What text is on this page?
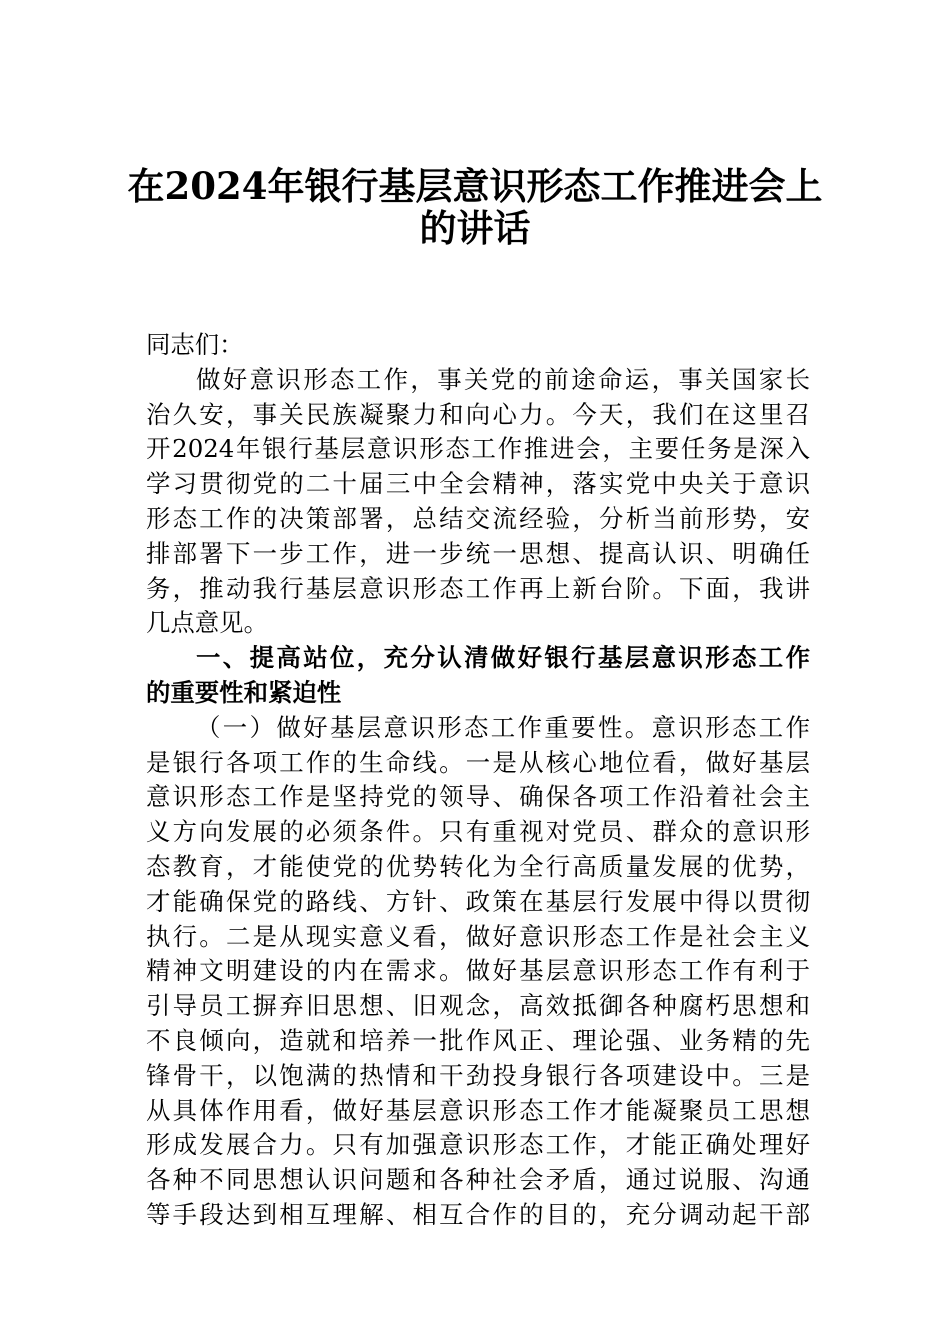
在2024年银行基层意识形态工作推进会上
的讲话
同志们：
做好意识形态工作，事关党的前途命运，事关国家长
治久安，事关民族凝聚力和向心力。今天，我们在这里召
开2024年银行基层意识形态工作推进会，主要任务是深入
学习贯彻党的二十届三中全会精神，落实党中央关于意识
形态工作的决策部署，总结交流经验，分析当前形势，安
排部署下一步工作，进一步统一思想、提高认识、明确任
务，推动我行基层意识形态工作再上新台阶。下面，我讲
几点意见。
一、提高站位，充分认清做好银行基层意识形态工作
的重要性和紧迫性
（一）做好基层意识形态工作重要性。意识形态工作
是银行各项工作的生命线。一是从核心地位看，做好基层
意识形态工作是坚持党的领导、确保各项工作沿着社会主
义方向发展的必须条件。只有重视对党员、群众的意识形
态教育，才能使党的优势转化为全行高质量发展的优势，
才能确保党的路线、方针、政策在基层行发展中得以贯彻
执行。二是从现实意义看，做好意识形态工作是社会主义
精神文明建设的内在需求。做好基层意识形态工作有利于
引导员工摒弃旧思想、旧观念，高效抵御各种腐朽思想和
不良倾向，造就和培养一批作风正、理论强、业务精的先
锋骨干，以饱满的热情和干劲投身银行各项建设中。三是
从具体作用看，做好基层意识形态工作才能凝聚员工思想
形成发展合力。只有加强意识形态工作，才能正确处理好
各种不同思想认识问题和各种社会矛盾，通过说服、沟通
等手段达到相互理解、相互合作的目的，充分调动起干部
